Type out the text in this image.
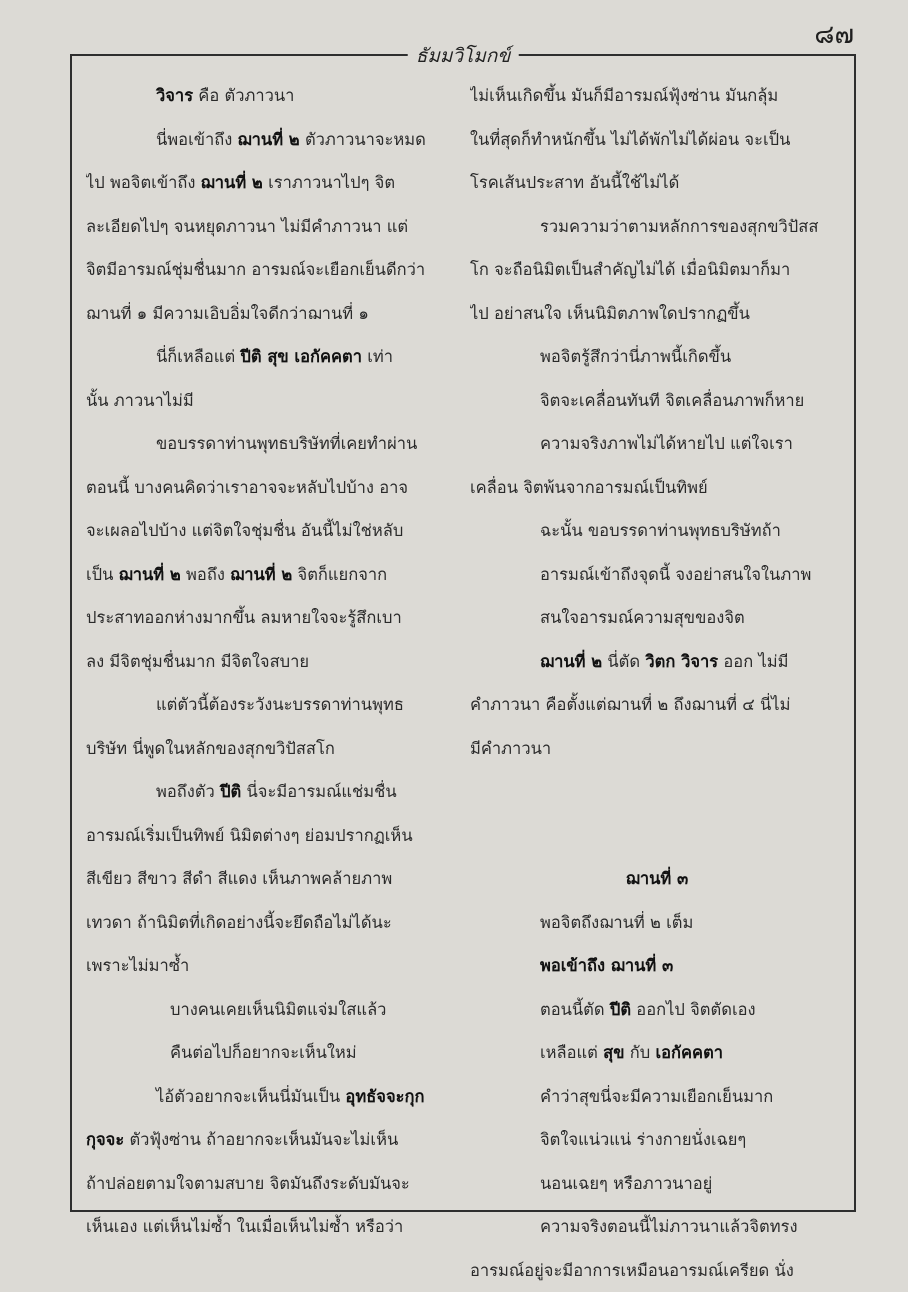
๘๗
ธัมมวิโมกข์
วิจาร คือ ตัวภาวนา
นี่พอเข้าถึง ฌานที่ ๒ ตัวภาวนาจะหมด
ไป พอจิตเข้าถึง ฌานที่ ๒ เราภาวนาไปๆ จิต
ละเอียดไปๆ จนหยุดภาวนา ไม่มีคำภาวนา แต่
จิตมีอารมณ์ชุ่มชื่นมาก อารมณ์จะเยือกเย็นดีกว่า
ฌานที่ ๑ มีความเอิบอิ่มใจดีกว่าฌานที่ ๑
นี่ก็เหลือแต่ ปีติ สุข เอกัคคตา เท่า
นั้น ภาวนาไม่มี
ขอบรรดาท่านพุทธบริษัทที่เคยทำผ่าน
ตอนนี้ บางคนคิดว่าเราอาจจะหลับไปบ้าง อาจ
จะเผลอไปบ้าง แต่จิตใจชุ่มชื่น อันนี้ไม่ใช่หลับ
เป็น ฌานที่ ๒ พอถึง ฌานที่ ๒ จิตก็แยกจาก
ประสาทออกห่างมากขึ้น ลมหายใจจะรู้สึกเบา
ลง มีจิตชุ่มชื่นมาก มีจิตใจสบาย
แต่ตัวนี้ต้องระวังนะบรรดาท่านพุทธ
บริษัท นี่พูดในหลักของสุกขวิปัสสโก
พอถึงตัว ปีติ นี่จะมีอารมณ์แช่มชื่น
อารมณ์เริ่มเป็นทิพย์ นิมิตต่างๆ ย่อมปรากฏเห็น
สีเขียว สีขาว สีดำ สีแดง เห็นภาพคล้ายภาพ
เทวดา ถ้านิมิตที่เกิดอย่างนี้จะยึดถือไม่ได้นะ
เพราะไม่มาซ้ำ
บางคนเคยเห็นนิมิตแจ่มใสแล้ว
คืนต่อไปก็อยากจะเห็นใหม่
ไอ้ตัวอยากจะเห็นนี่มันเป็น อุทธัจจะกุก
กุจจะ ตัวฟุ้งซ่าน ถ้าอยากจะเห็นมันจะไม่เห็น
ถ้าปล่อยตามใจตามสบาย จิตมันถึงระดับมันจะ
เห็นเอง แต่เห็นไม่ซ้ำ ในเมื่อเห็นไม่ซ้ำ หรือว่า
ไม่เห็นเกิดขึ้น มันก็มีอารมณ์ฟุ้งซ่าน มันกลุ้ม
ในที่สุดก็ทำหนักขึ้น ไม่ได้พักไม่ได้ผ่อน จะเป็น
โรคเส้นประสาท อันนี้ใช้ไม่ได้
รวมความว่าตามหลักการของสุกขวิปัสส
โก จะถือนิมิตเป็นสำคัญไม่ได้ เมื่อนิมิตมาก็มา
ไป อย่าสนใจ เห็นนิมิตภาพใดปรากฏขึ้น
พอจิตรู้สึกว่านี่ภาพนี้เกิดขึ้น
จิตจะเคลื่อนทันที จิตเคลื่อนภาพก็หาย
ความจริงภาพไม่ได้หายไป แต่ใจเรา
เคลื่อน จิตพ้นจากอารมณ์เป็นทิพย์
ฉะนั้น ขอบรรดาท่านพุทธบริษัทถ้า
อารมณ์เข้าถึงจุดนี้ จงอย่าสนใจในภาพ
สนใจอารมณ์ความสุขของจิต
ฌานที่ ๒ นี่ตัด วิตก วิจาร ออก ไม่มี
คำภาวนา คือตั้งแต่ฌานที่ ๒ ถึงฌานที่ ๔ นี่ไม่
มีคำภาวนา
ฌานที่ ๓
พอจิตถึงฌานที่ ๒ เต็ม
พอเข้าถึง ฌานที่ ๓
ตอนนี้ตัด ปีติ ออกไป จิตตัดเอง
เหลือแต่ สุข กับ เอกัคคตา
คำว่าสุขนี่จะมีความเยือกเย็นมาก
จิตใจแน่วแน่ ร่างกายนั่งเฉยๆ
นอนเฉยๆ หรือภาวนาอยู่
ความจริงตอนนี้ไม่ภาวนาแล้วจิตทรง
อารมณ์อยู่จะมีอาการเหมือนอารมณ์เครียด นั่ง
